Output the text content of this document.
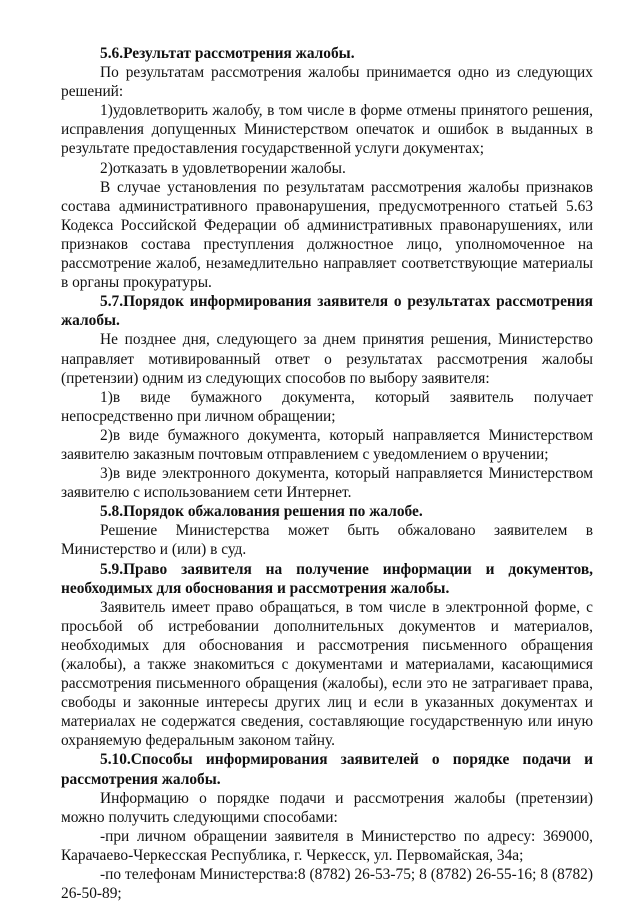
5.6.Результат рассмотрения жалобы.

По результатам рассмотрения жалобы принимается одно из следующих решений:

1)удовлетворить жалобу, в том числе в форме отмены принятого решения, исправления допущенных Министерством опечаток и ошибок в выданных в результате предоставления государственной услуги документах;

2)отказать в удовлетворении жалобы.

В случае установления по результатам рассмотрения жалобы признаков состава административного правонарушения, предусмотренного статьей 5.63 Кодекса Российской Федерации об административных правонарушениях, или признаков состава преступления должностное лицо, уполномоченное на рассмотрение жалоб, незамедлительно направляет соответствующие материалы в органы прокуратуры.

5.7.Порядок информирования заявителя о результатах рассмотрения жалобы.

Не позднее дня, следующего за днем принятия решения, Министерство направляет мотивированный ответ о результатах рассмотрения жалобы (претензии) одним из следующих способов по выбору заявителя:

1)в виде бумажного документа, который заявитель получает непосредственно при личном обращении;

2)в виде бумажного документа, который направляется Министерством заявителю заказным почтовым отправлением с уведомлением о вручении;

3)в виде электронного документа, который направляется Министерством заявителю с использованием сети Интернет.

5.8.Порядок обжалования решения по жалобе.

Решение Министерства может быть обжаловано заявителем в Министерство и (или) в суд.

5.9.Право заявителя на получение информации и документов, необходимых для обоснования и рассмотрения жалобы.

Заявитель имеет право обращаться, в том числе в электронной форме, с просьбой об истребовании дополнительных документов и материалов, необходимых для обоснования и рассмотрения письменного обращения (жалобы), а также знакомиться с документами и материалами, касающимися рассмотрения письменного обращения (жалобы), если это не затрагивает права, свободы и законные интересы других лиц и если в указанных документах и материалах не содержатся сведения, составляющие государственную или иную охраняемую федеральным законом тайну.

5.10.Способы информирования заявителей о порядке подачи и рассмотрения жалобы.

Информацию о порядке подачи и рассмотрения жалобы (претензии) можно получить следующими способами:

-при личном обращении заявителя в Министерство по адресу: 369000, Карачаево-Черкесская Республика, г. Черкесск, ул. Первомайская, 34а;

-по телефонам Министерства:8 (8782) 26-53-75; 8 (8782) 26-55-16; 8 (8782) 26-50-89;
